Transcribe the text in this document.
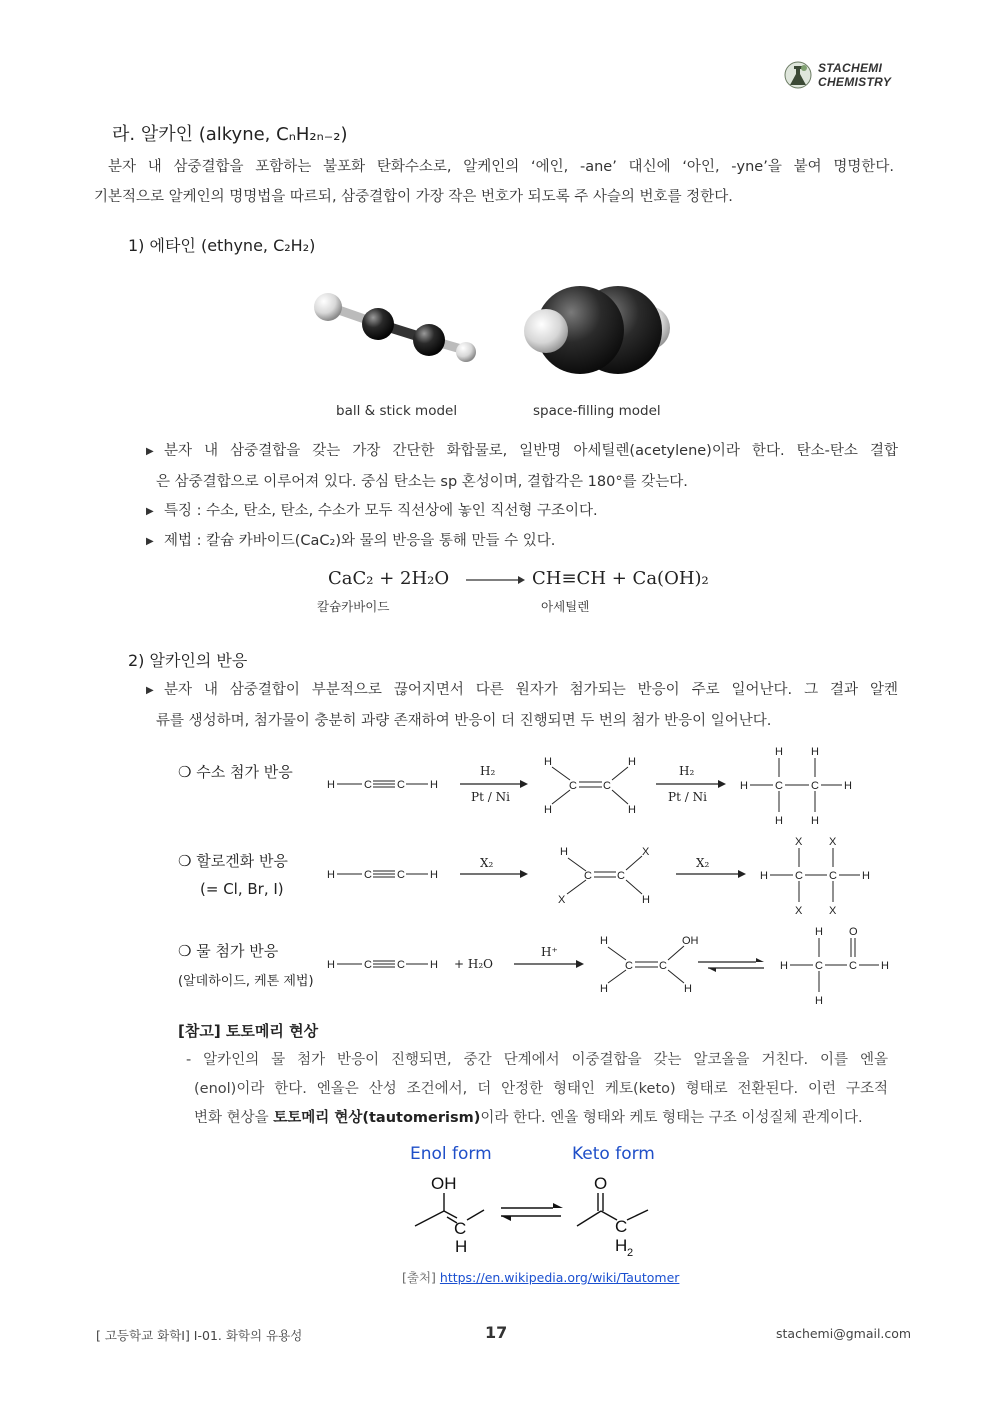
STACHEMI
CHEMISTRY
라. 알카인 (alkyne, CₙH₂ₙ₋₂)
분자 내 삼중결합을 포함하는 불포화 탄화수소로, 알케인의 ‘에인, -ane’ 대신에 ‘아인, -yne’을 붙여 명명한다.
기본적으로 알케인의 명명법을 따르되, 삼중결합이 가장 작은 번호가 되도록 주 사슬의 번호를 정한다.
1) 에타인 (ethyne, C₂H₂)
ball & stick model	space-filling model
▶ 분자 내 삼중결합을 갖는 가장 간단한 화합물로, 일반명 아세틸렌(acetylene)이라 한다. 탄소-탄소 결합
은 삼중결합으로 이루어져 있다. 중심 탄소는 sp 혼성이며, 결합각은 180°를 갖는다.
▶ 특징 : 수소, 탄소, 탄소, 수소가 모두 직선상에 놓인 직선형 구조이다.
▶ 제법 : 칼슘 카바이드(CaC₂)와 물의 반응을 통해 만들 수 있다.
CaC₂ + 2H₂O → CH≡CH + Ca(OH)₂
칼슘카바이드	아세틸렌
2) 알카인의 반응
▶ 분자 내 삼중결합이 부분적으로 끊어지면서 다른 원자가 첨가되는 반응이 주로 일어난다. 그 결과 알켄
류를 생성하며, 첨가물이 충분히 과량 존재하여 반응이 더 진행되면 두 번의 첨가 반응이 일어난다.
❍ 수소 첨가 반응
❍ 할로겐화 반응
(= Cl, Br, I)
❍ 물 첨가 반응
(알데하이드, 케톤 제법)
H	C C H
H
H
C C
H
H
H C	C H
H	H
H	H
H₂
Pt / Ni
H₂
Pt / Ni
H	C C H
H
X
C C
X
H
H C C H
X X
X X
X₂	X₂
H	C C H
H
H
C C
OH
H
H C C H
H O
H
+ H₂O
H⁺
[참고] 토토메리 현상
- 알카인의 물 첨가 반응이 진행되면, 중간 단계에서 이중결합을 갖는 알코올을 거친다. 이를 엔올
(enol)이라 한다. 엔올은 산성 조건에서, 더 안정한 형태인 케토(keto) 형태로 전환된다. 이런 구조적
변화 현상을 토토메리 현상(tautomerism)이라 한다. 엔올 형태와 케토 형태는 구조 이성질체 관계이다.
Enol form	Keto form
OH
C
H
O
C
H 2
[출처] https://en.wikipedia.org/wiki/Tautomer
[ 고등학교 화학Ⅰ] Ⅰ-01. 화학의 유용성	17	stachemi@gmail.com
